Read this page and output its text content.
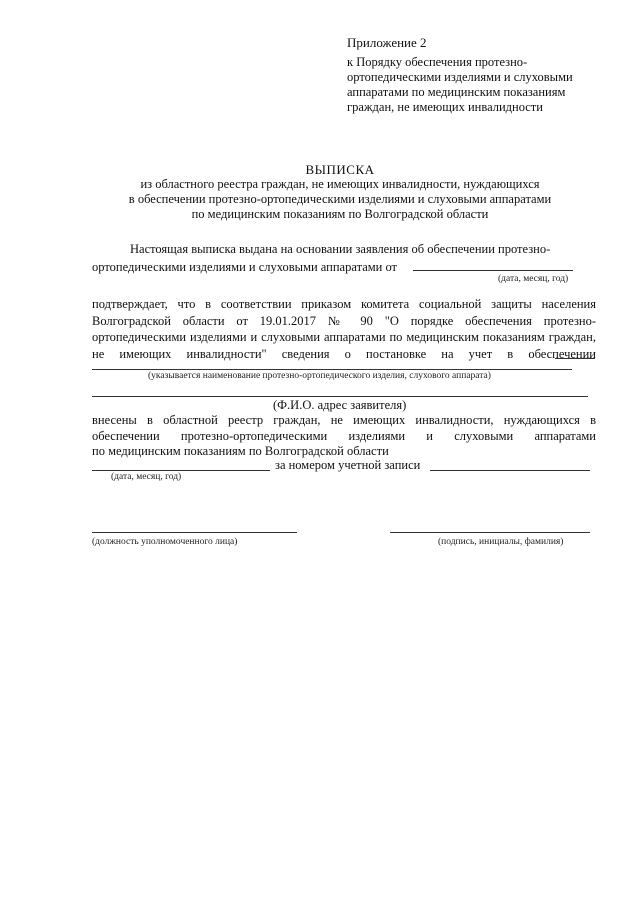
Приложение 2
к Порядку обеспечения протезно-
ортопедическими изделиями и слуховыми
аппаратами по медицинским показаниям
граждан, не имеющих инвалидности
ВЫПИСКА
из областного реестра граждан, не имеющих инвалидности, нуждающихся
в обеспечении протезно-ортопедическими изделиями и слуховыми аппаратами
по медицинским показаниям по Волгоградской области
Настоящая выписка выдана на основании заявления об обеспечении протезно-
ортопедическими изделиями и слуховыми аппаратами от
(дата, месяц, год)
подтверждает, что в соответствии приказом комитета социальной защиты населения Волгоградской области от 19.01.2017 № 90 "О порядке обеспечения протезно-ортопедическими изделиями и слуховыми аппаратами по медицинским показаниям граждан, не имеющих инвалидности" сведения о постановке на учет в обеспечении
(указывается наименование протезно-ортопедического изделия, слухового аппарата)
(Ф.И.О. адрес заявителя)
внесены в областной реестр граждан, не имеющих инвалидности, нуждающихся в обеспечении протезно-ортопедическими изделиями и слуховыми аппаратами
по медицинским показаниям по Волгоградской области
за номером учетной записи
(дата, месяц, год)
(должность уполномоченного лица)	(подпись, инициалы, фамилия)
